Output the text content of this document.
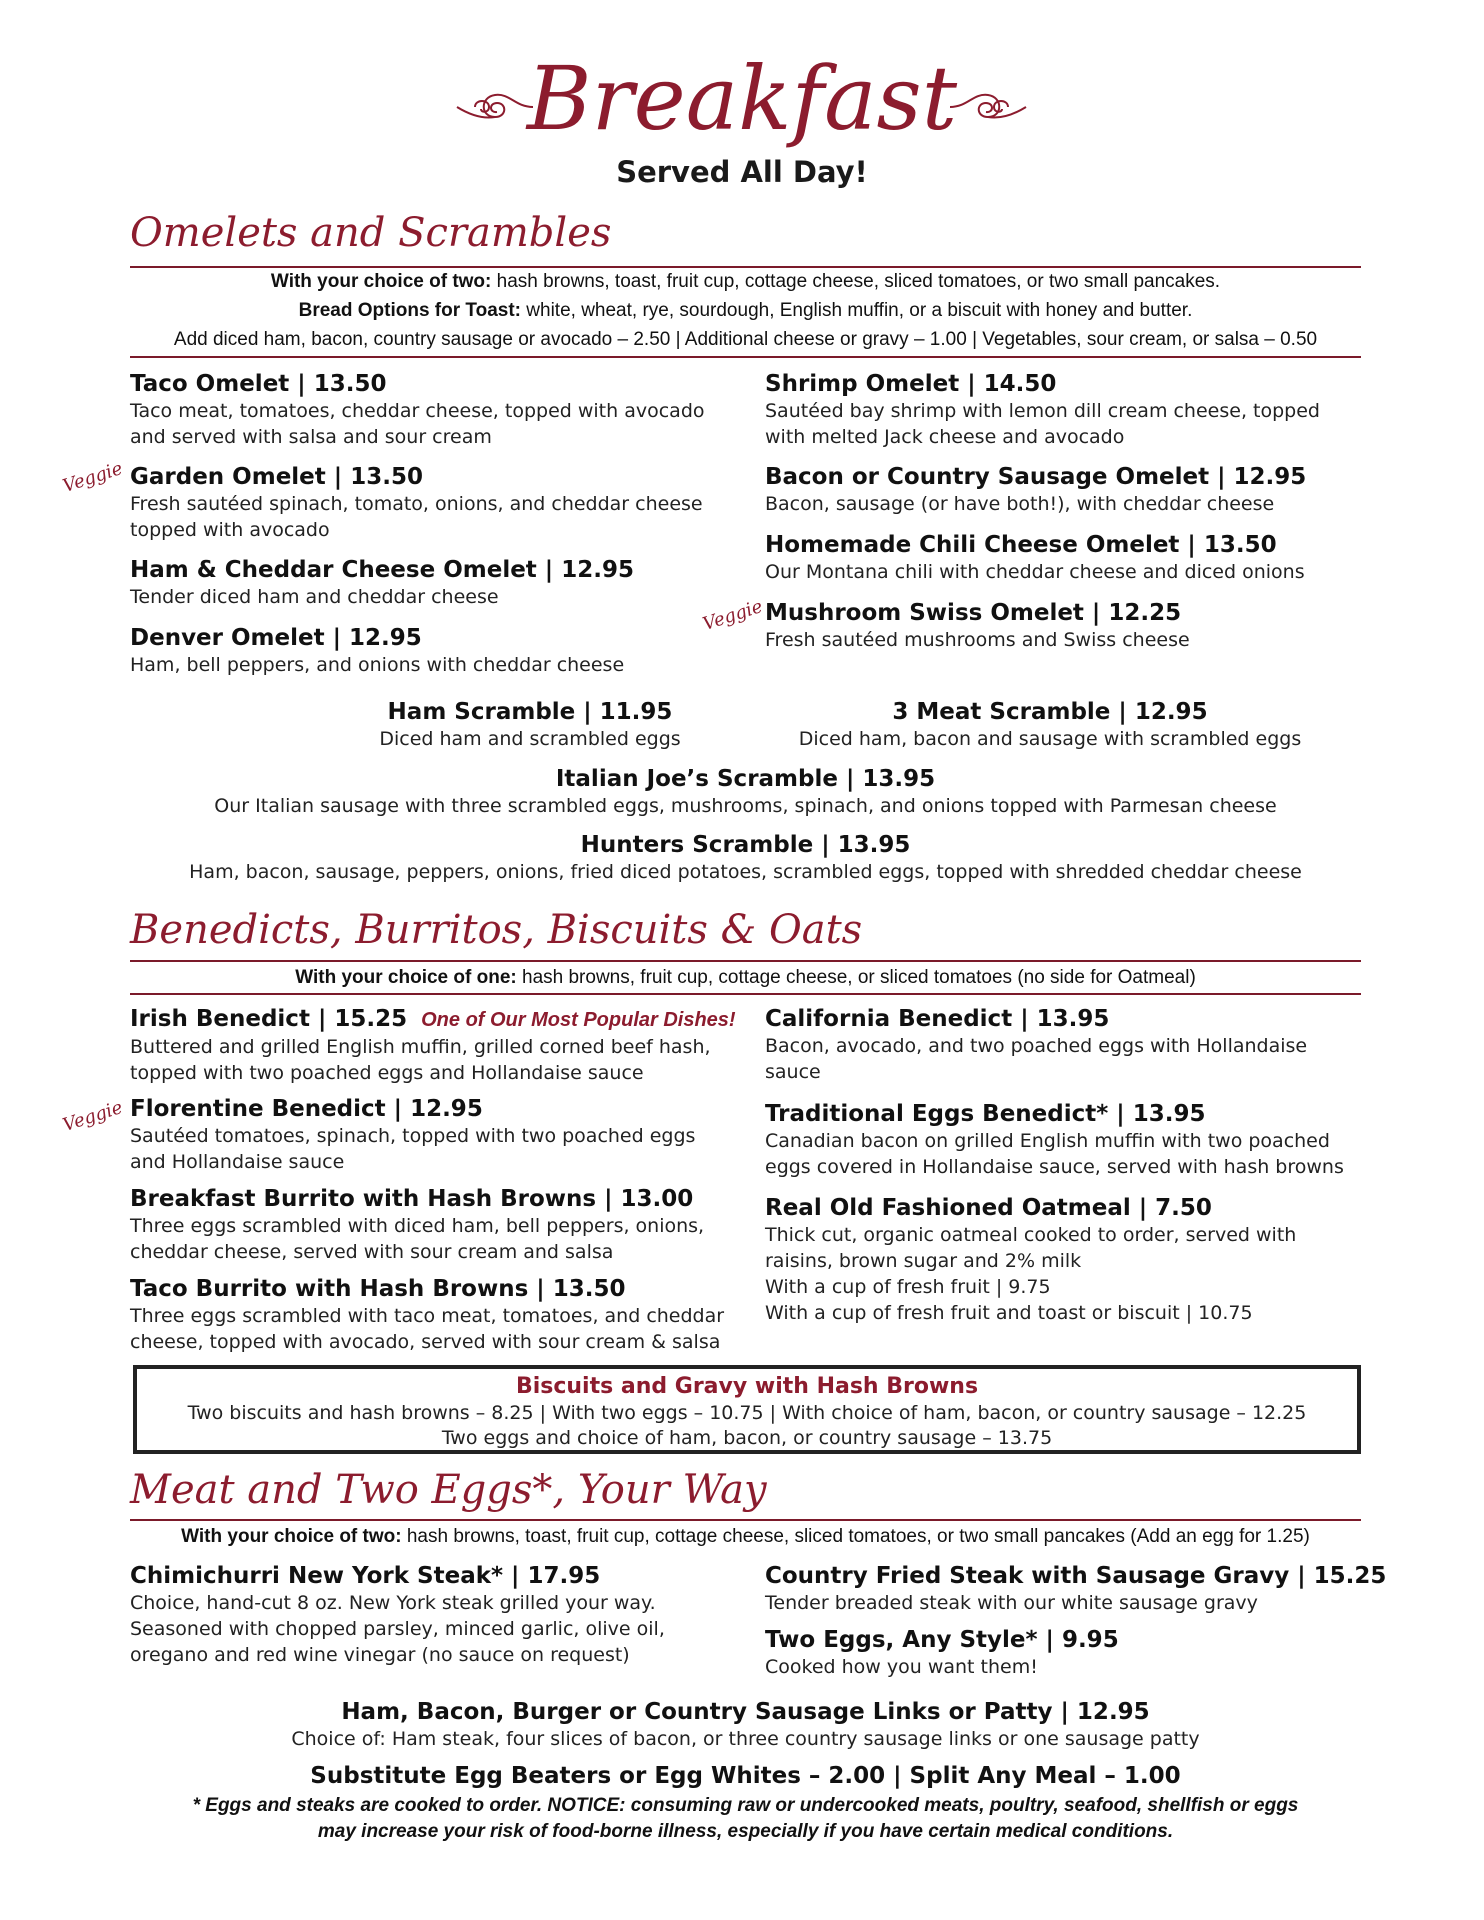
Breakfast
Served All Day!
Omelets and Scrambles
With your choice of two: hash browns, toast, fruit cup, cottage cheese, sliced tomatoes, or two small pancakes.
Bread Options for Toast: white, wheat, rye, sourdough, English muffin, or a biscuit with honey and butter.
Add diced ham, bacon, country sausage or avocado – 2.50 | Additional cheese or gravy – 1.00 | Vegetables, sour cream, or salsa – 0.50
Taco Omelet | 13.50
Taco meat, tomatoes, cheddar cheese, topped with avocado and served with salsa and sour cream
Veggie Garden Omelet | 13.50
Fresh sautéed spinach, tomato, onions, and cheddar cheese topped with avocado
Ham & Cheddar Cheese Omelet | 12.95
Tender diced ham and cheddar cheese
Denver Omelet | 12.95
Ham, bell peppers, and onions with cheddar cheese
Shrimp Omelet | 14.50
Sautéed bay shrimp with lemon dill cream cheese, topped with melted Jack cheese and avocado
Bacon or Country Sausage Omelet | 12.95
Bacon, sausage (or have both!), with cheddar cheese
Homemade Chili Cheese Omelet | 13.50
Our Montana chili with cheddar cheese and diced onions
Veggie Mushroom Swiss Omelet | 12.25
Fresh sautéed mushrooms and Swiss cheese
Ham Scramble | 11.95
Diced ham and scrambled eggs
3 Meat Scramble | 12.95
Diced ham, bacon and sausage with scrambled eggs
Italian Joe’s Scramble | 13.95
Our Italian sausage with three scrambled eggs, mushrooms, spinach, and onions topped with Parmesan cheese
Hunters Scramble | 13.95
Ham, bacon, sausage, peppers, onions, fried diced potatoes, scrambled eggs, topped with shredded cheddar cheese
Benedicts, Burritos, Biscuits & Oats
With your choice of one: hash browns, fruit cup, cottage cheese, or sliced tomatoes (no side for Oatmeal)
Irish Benedict | 15.25 One of Our Most Popular Dishes!
Buttered and grilled English muffin, grilled corned beef hash, topped with two poached eggs and Hollandaise sauce
Veggie Florentine Benedict | 12.95
Sautéed tomatoes, spinach, topped with two poached eggs and Hollandaise sauce
Breakfast Burrito with Hash Browns | 13.00
Three eggs scrambled with diced ham, bell peppers, onions, cheddar cheese, served with sour cream and salsa
Taco Burrito with Hash Browns | 13.50
Three eggs scrambled with taco meat, tomatoes, and cheddar cheese, topped with avocado, served with sour cream & salsa
California Benedict | 13.95
Bacon, avocado, and two poached eggs with Hollandaise sauce
Traditional Eggs Benedict* | 13.95
Canadian bacon on grilled English muffin with two poached eggs covered in Hollandaise sauce, served with hash browns
Real Old Fashioned Oatmeal | 7.50
Thick cut, organic oatmeal cooked to order, served with raisins, brown sugar and 2% milk
With a cup of fresh fruit | 9.75
With a cup of fresh fruit and toast or biscuit | 10.75
Biscuits and Gravy with Hash Browns
Two biscuits and hash browns – 8.25 | With two eggs – 10.75 | With choice of ham, bacon, or country sausage – 12.25
Two eggs and choice of ham, bacon, or country sausage – 13.75
Meat and Two Eggs*, Your Way
With your choice of two: hash browns, toast, fruit cup, cottage cheese, sliced tomatoes, or two small pancakes (Add an egg for 1.25)
Chimichurri New York Steak* | 17.95
Choice, hand-cut 8 oz. New York steak grilled your way. Seasoned with chopped parsley, minced garlic, olive oil, oregano and red wine vinegar (no sauce on request)
Country Fried Steak with Sausage Gravy | 15.25
Tender breaded steak with our white sausage gravy
Two Eggs, Any Style* | 9.95
Cooked how you want them!
Ham, Bacon, Burger or Country Sausage Links or Patty | 12.95
Choice of: Ham steak, four slices of bacon, or three country sausage links or one sausage patty
Substitute Egg Beaters or Egg Whites – 2.00 | Split Any Meal – 1.00
* Eggs and steaks are cooked to order. NOTICE: consuming raw or undercooked meats, poultry, seafood, shellfish or eggs
may increase your risk of food-borne illness, especially if you have certain medical conditions.
